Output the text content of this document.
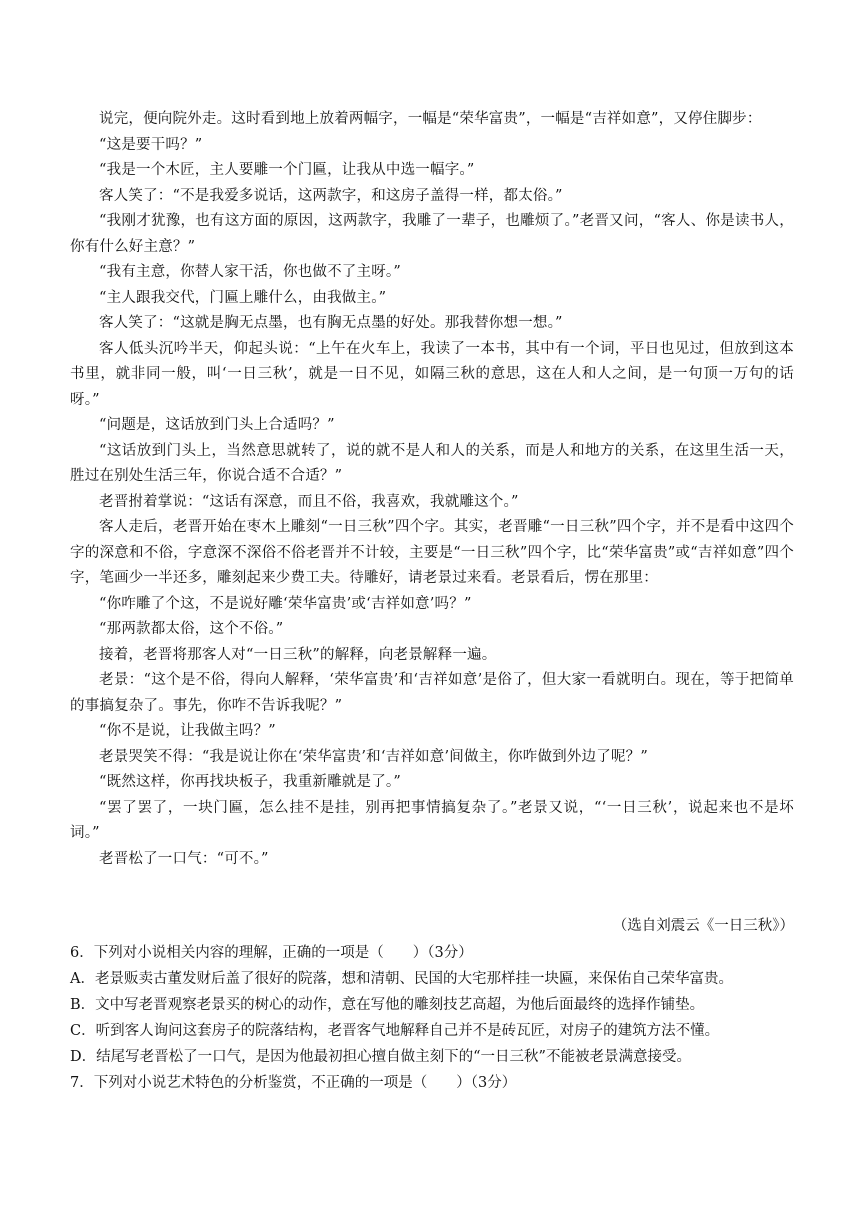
说完，便向院外走。这时看到地上放着两幅字，一幅是“荣华富贵”，一幅是“吉祥如意”，又停住脚步：

“这是要干吗？”

“我是一个木匠，主人要雕一个门匾，让我从中选一幅字。”

客人笑了：“不是我爱多说话，这两款字，和这房子盖得一样，都太俗。”

“我刚才犹豫，也有这方面的原因，这两款字，我雕了一辈子，也雕烦了。”老晋又问，“客人、你是读书人，你有什么好主意？”

“我有主意，你替人家干活，你也做不了主呀。”

“主人跟我交代，门匾上雕什么，由我做主。”

客人笑了：“这就是胸无点墨，也有胸无点墨的好处。那我替你想一想。”

客人低头沉吟半天，仰起头说：“上午在火车上，我读了一本书，其中有一个词，平日也见过，但放到这本书里，就非同一般，叫‘一日三秋’，就是一日不见，如隔三秋的意思，这在人和人之间，是一句顶一万句的话呀。”

“问题是，这话放到门头上合适吗？”

“这话放到门头上，当然意思就转了，说的就不是人和人的关系，而是人和地方的关系，在这里生活一天，胜过在别处生活三年，你说合适不合适？”

老晋拊着掌说：“这话有深意，而且不俗，我喜欢，我就雕这个。”

客人走后，老晋开始在枣木上雕刻“一日三秋”四个字。其实，老晋雕“一日三秋”四个字，并不是看中这四个字的深意和不俗，字意深不深俗不俗老晋并不计较，主要是“一日三秋”四个字，比“荣华富贵”或“吉祥如意”四个字，笔画少一半还多，雕刻起来少费工夫。待雕好，请老景过来看。老景看后，愣在那里：

“你咋雕了个这，不是说好雕‘荣华富贵’或‘吉祥如意’吗？”

“那两款都太俗，这个不俗。”

接着，老晋将那客人对“一日三秋”的解释，向老景解释一遍。

老景：“这个是不俗，得向人解释，‘荣华富贵’和‘吉祥如意’是俗了，但大家一看就明白。现在，等于把简单的事搞复杂了。事先，你咋不告诉我呢？”

“你不是说，让我做主吗？”

老景哭笑不得：“我是说让你在‘荣华富贵’和‘吉祥如意’间做主，你咋做到外边了呢？”

“既然这样，你再找块板子，我重新雕就是了。”

“罢了罢了，一块门匾，怎么挂不是挂，别再把事情搞复杂了。”老景又说，“‘一日三秋’，说起来也不是坏词。”

老晋松了一口气：“可不。”

（选自刘震云《一日三秋》）

6．下列对小说相关内容的理解，正确的一项是（　　）（3分）

A．老景贩卖古董发财后盖了很好的院落，想和清朝、民国的大宅那样挂一块匾，来保佑自己荣华富贵。

B．文中写老晋观察老景买的树心的动作，意在写他的雕刻技艺高超，为他后面最终的选择作铺垫。

C．听到客人询问这套房子的院落结构，老晋客气地解释自己并不是砖瓦匠，对房子的建筑方法不懂。

D．结尾写老晋松了一口气，是因为他最初担心擅自做主刻下的“一日三秋”不能被老景满意接受。

7．下列对小说艺术特色的分析鉴赏，不正确的一项是（　　）（3分）
